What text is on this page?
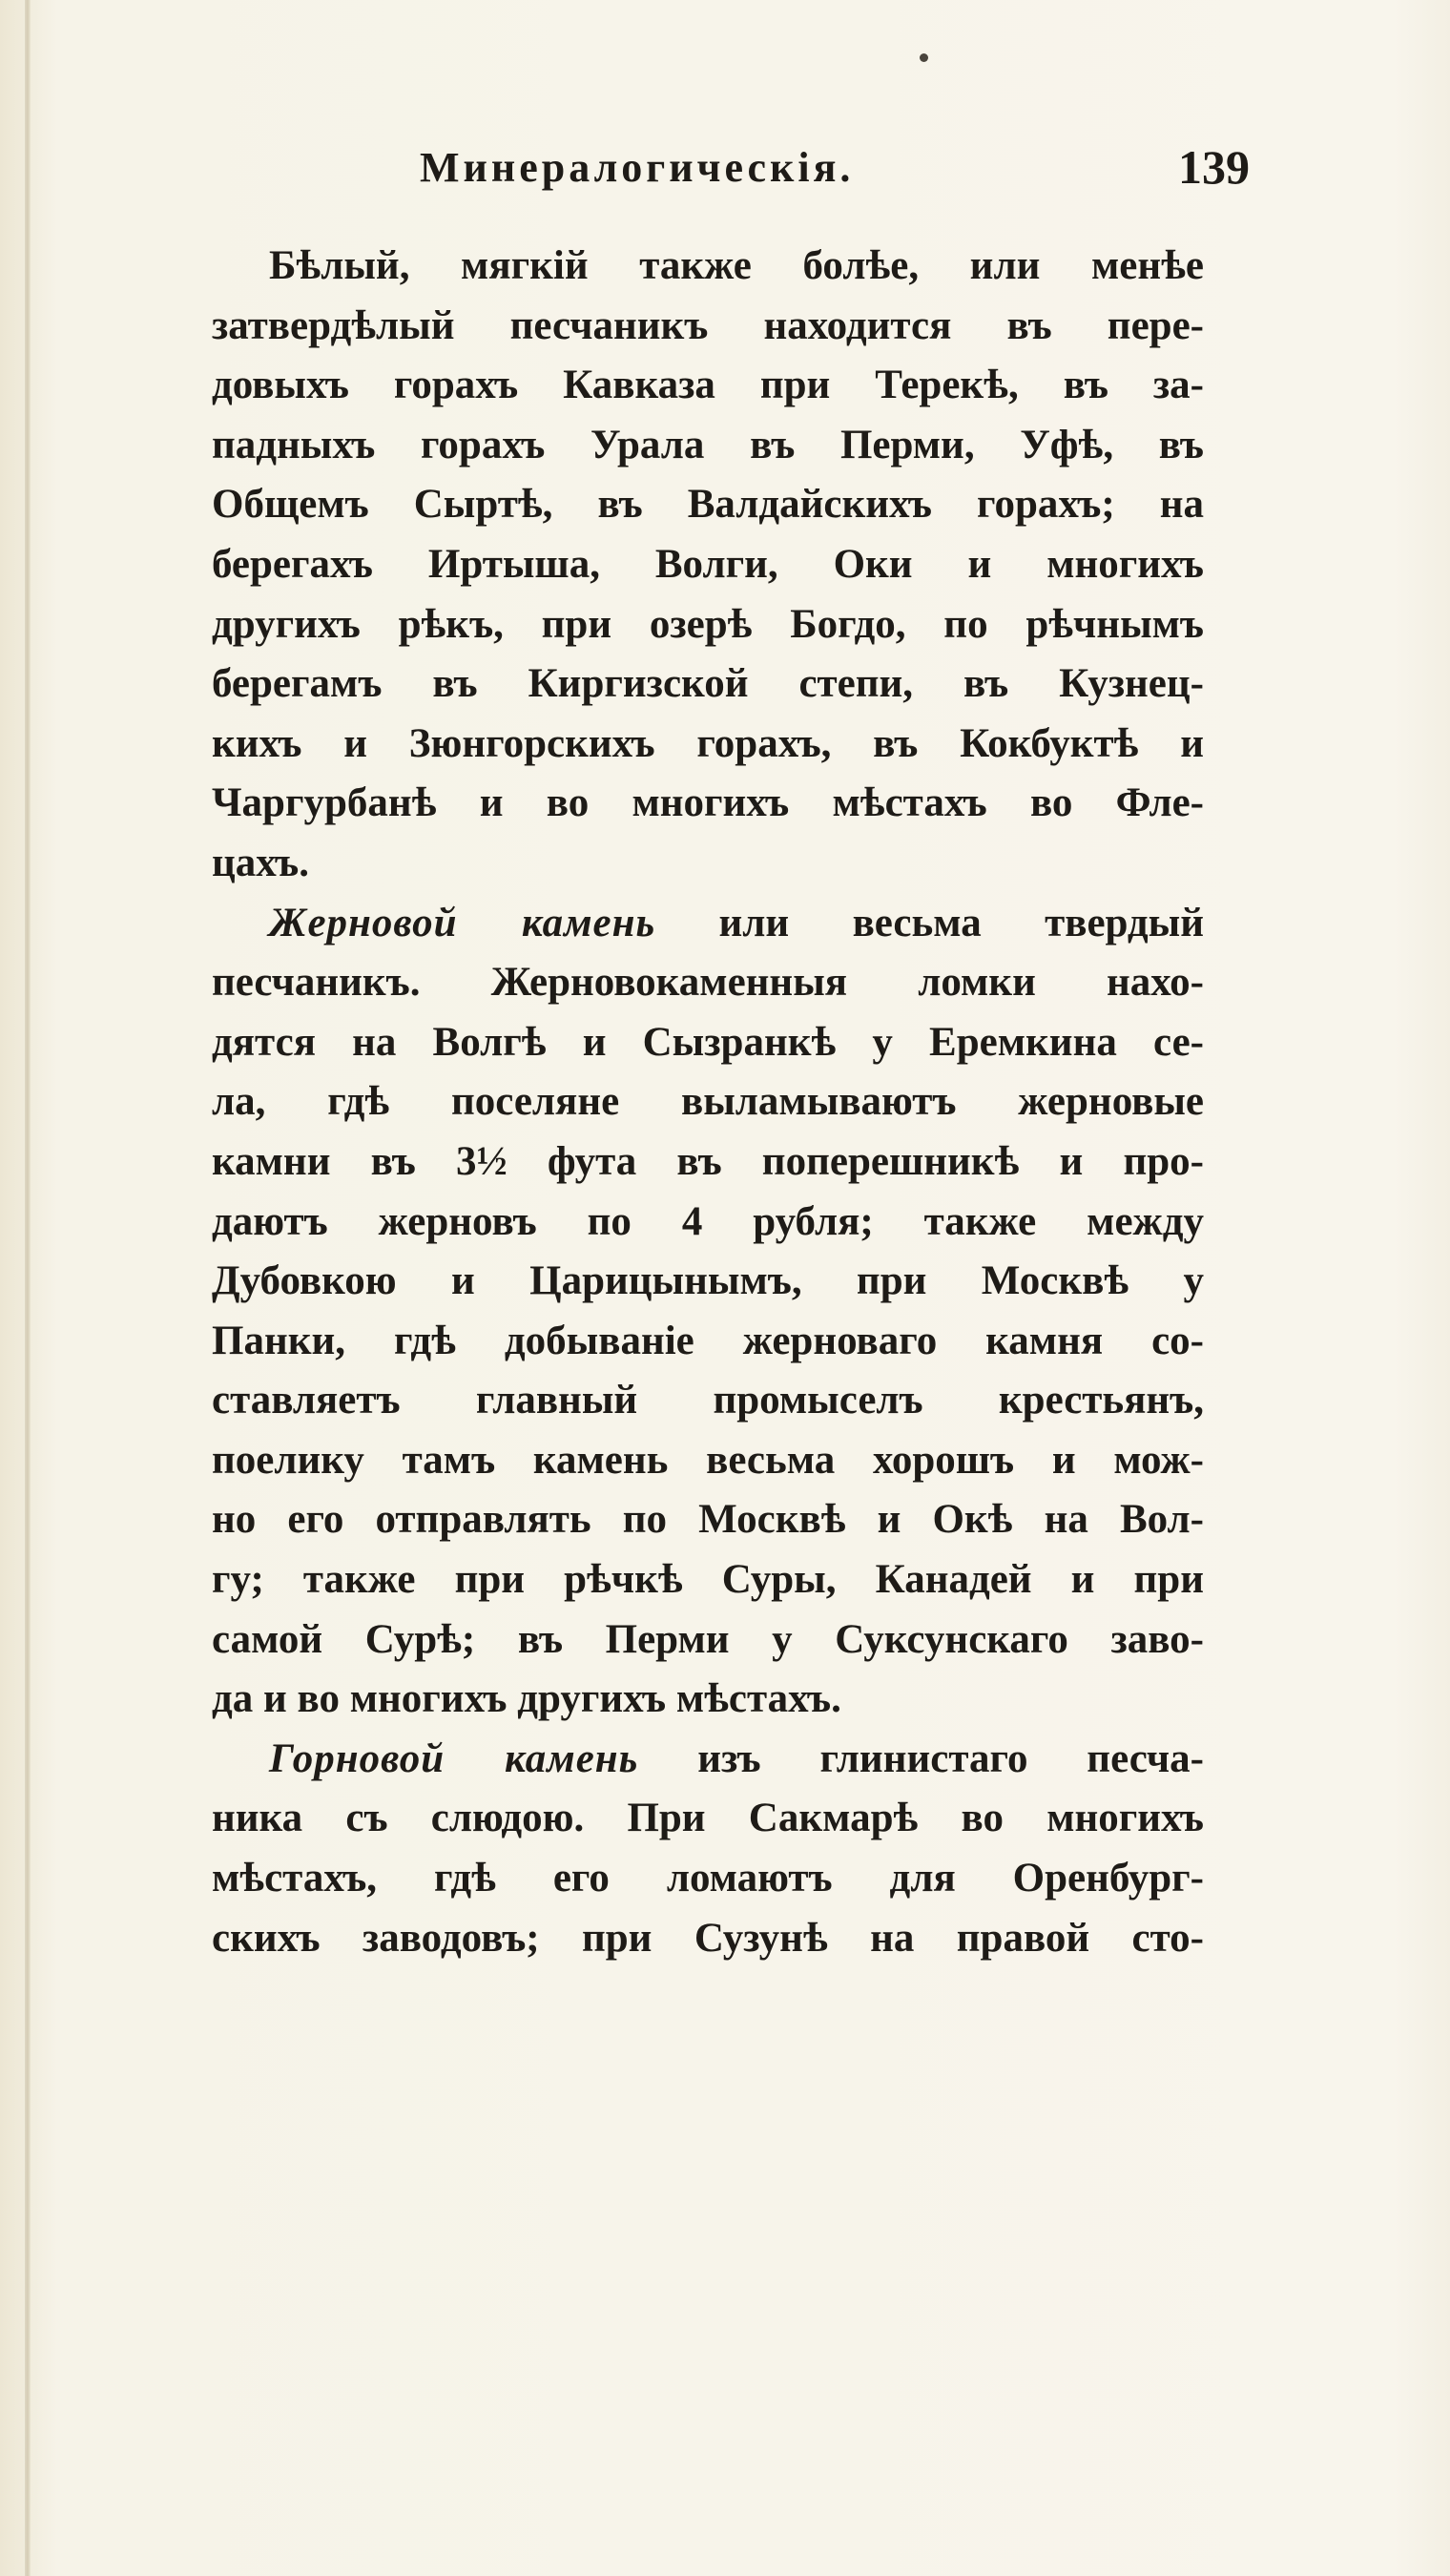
Минералогическія.	139
Бѣлый, мягкій также болѣе, или менѣе
затвердѣлый песчаникъ находится въ пере-
довыхъ горахъ Кавказа при Терекѣ, въ за-
падныхъ горахъ Урала въ Перми, Уфѣ, въ
Общемъ Сыртѣ, въ Валдайскихъ горахъ; на
берегахъ Иртыша, Волги, Оки и многихъ
другихъ рѣкъ, при озерѣ Богдо, по рѣчнымъ
берегамъ въ Киргизской степи, въ Кузнец-
кихъ и Зюнгорскихъ горахъ, въ Кокбуктѣ и
Чаргурбанѣ и во многихъ мѣстахъ во Фле-
цахъ.
Жерновой камень или весьма твердый
песчаникъ. Жерновокаменныя ломки нахо-
дятся на Волгѣ и Сызранкѣ у Еремкина се-
ла, гдѣ поселяне выламываютъ жерновые
камни въ 3½ фута въ поперешникѣ и про-
даютъ жерновъ по 4 рубля; также между
Дубовкою и Царицынымъ, при Москвѣ у
Панки, гдѣ добываніе жерноваго камня со-
ставляетъ главный промыселъ крестьянъ,
поелику тамъ камень весьма хорошъ и мож-
но его отправлять по Москвѣ и Окѣ на Вол-
гу; также при рѣчкѣ Суры, Канадей и при
самой Сурѣ; въ Перми у Суксунскаго заво-
да и во многихъ другихъ мѣстахъ.
Горновой камень изъ глинистаго песча-
ника съ слюдою. При Сакмарѣ во многихъ
мѣстахъ, гдѣ его ломаютъ для Оренбург-
скихъ заводовъ; при Сузунѣ на правой сто-
